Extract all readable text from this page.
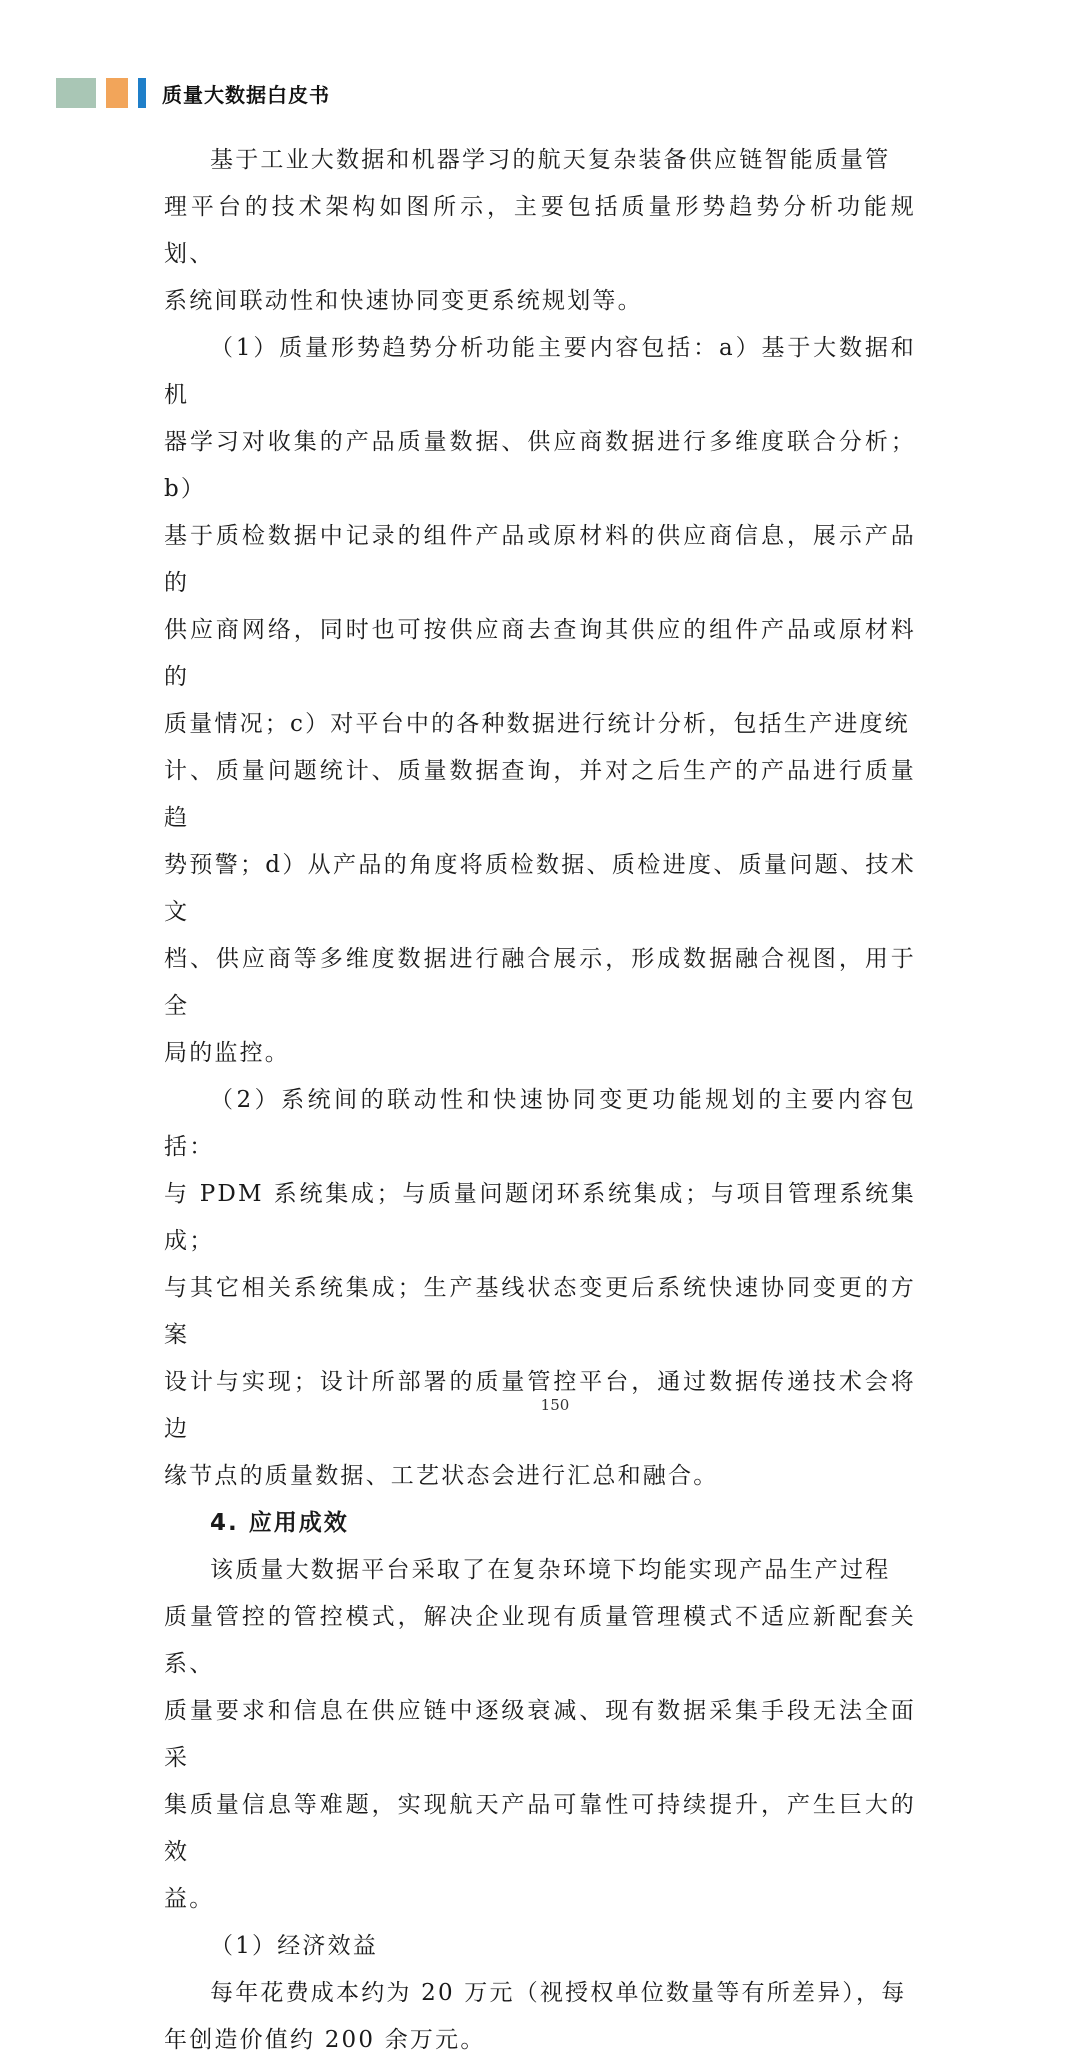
质量大数据白皮书

基于工业大数据和机器学习的航天复杂装备供应链智能质量管
理平台的技术架构如图所示，主要包括质量形势趋势分析功能规划、
系统间联动性和快速协同变更系统规划等。

（1）质量形势趋势分析功能主要内容包括：a）基于大数据和机
器学习对收集的产品质量数据、供应商数据进行多维度联合分析；b）
基于质检数据中记录的组件产品或原材料的供应商信息，展示产品的
供应商网络，同时也可按供应商去查询其供应的组件产品或原材料的
质量情况；c）对平台中的各种数据进行统计分析，包括生产进度统
计、质量问题统计、质量数据查询，并对之后生产的产品进行质量趋
势预警；d）从产品的角度将质检数据、质检进度、质量问题、技术文
档、供应商等多维度数据进行融合展示，形成数据融合视图，用于全
局的监控。

（2）系统间的联动性和快速协同变更功能规划的主要内容包括：
与 PDM 系统集成；与质量问题闭环系统集成；与项目管理系统集成；
与其它相关系统集成；生产基线状态变更后系统快速协同变更的方案
设计与实现；设计所部署的质量管控平台，通过数据传递技术会将边
缘节点的质量数据、工艺状态会进行汇总和融合。

4. 应用成效

该质量大数据平台采取了在复杂环境下均能实现产品生产过程
质量管控的管控模式，解决企业现有质量管理模式不适应新配套关系、
质量要求和信息在供应链中逐级衰减、现有数据采集手段无法全面采
集质量信息等难题，实现航天产品可靠性可持续提升，产生巨大的效
益。

（1）经济效益

每年花费成本约为 20 万元（视授权单位数量等有所差异），每
年创造价值约 200 余万元。

150
